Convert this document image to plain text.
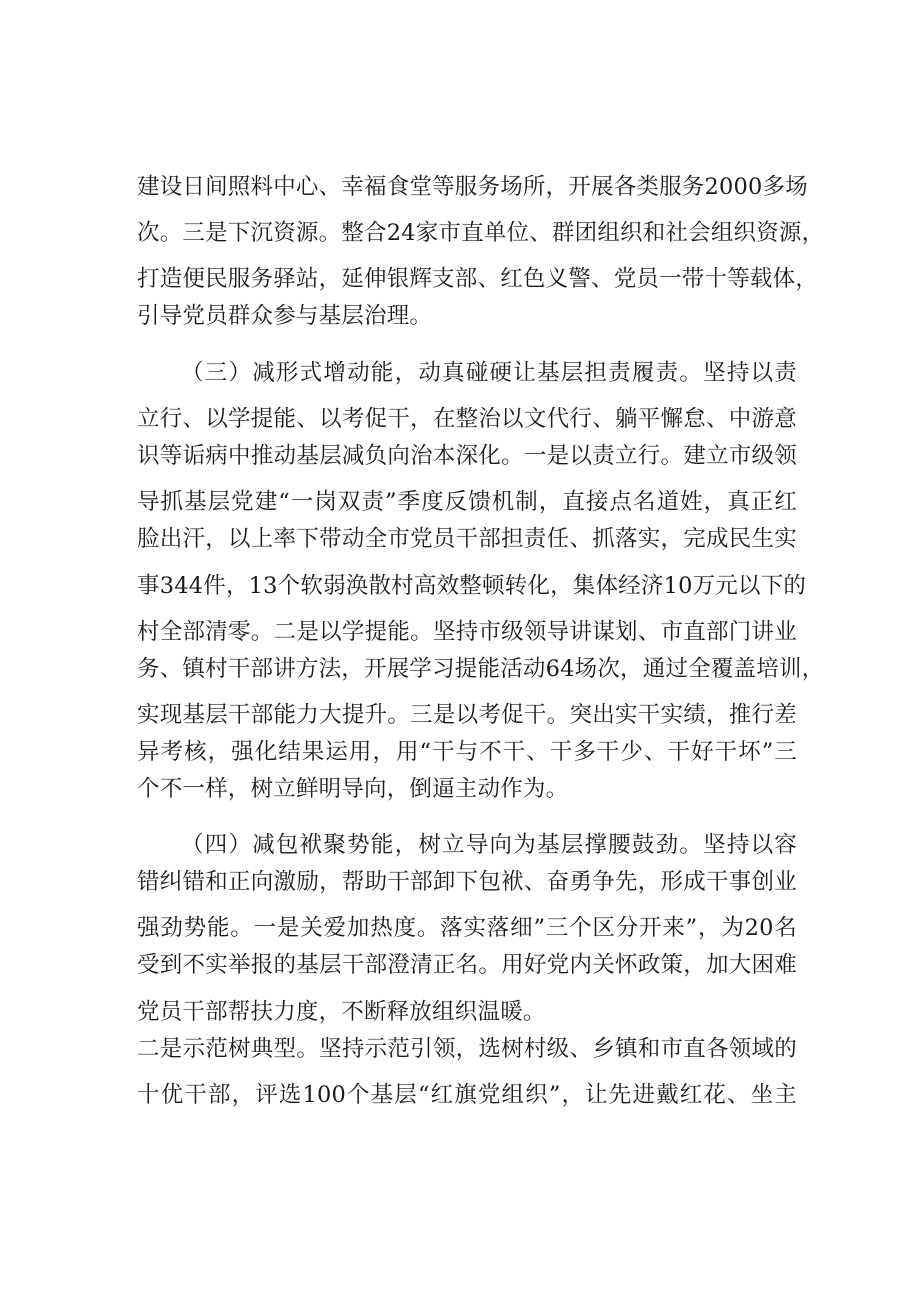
建设日间照料中心、幸福食堂等服务场所，开展各类服务2000多场
次。三是下沉资源。整合24家市直单位、群团组织和社会组织资源，
打造便民服务驿站，延伸银辉支部、红色义警、党员一带十等载体，
引导党员群众参与基层治理。
（三）减形式增动能，动真碰硬让基层担责履责。坚持以责
立行、以学提能、以考促干，在整治以文代行、躺平懈怠、中游意
识等诟病中推动基层减负向治本深化。一是以责立行。建立市级领
导抓基层党建“一岗双责”季度反馈机制，直接点名道姓，真正红
脸出汗，以上率下带动全市党员干部担责任、抓落实，完成民生实
事344件，13个软弱涣散村高效整顿转化，集体经济10万元以下的
村全部清零。二是以学提能。坚持市级领导讲谋划、市直部门讲业
务、镇村干部讲方法，开展学习提能活动64场次，通过全覆盖培训，
实现基层干部能力大提升。三是以考促干。突出实干实绩，推行差
异考核，强化结果运用，用“干与不干、干多干少、干好干坏”三
个不一样，树立鲜明导向，倒逼主动作为。
（四）减包袱聚势能，树立导向为基层撑腰鼓劲。坚持以容
错纠错和正向激励，帮助干部卸下包袱、奋勇争先，形成干事创业
强劲势能。一是关爱加热度。落实落细”三个区分开来”，为20名
受到不实举报的基层干部澄清正名。用好党内关怀政策，加大困难
党员干部帮扶力度，不断释放组织温暖。
二是示范树典型。坚持示范引领，选树村级、乡镇和市直各领域的
十优干部，评选100个基层“红旗党组织”，让先进戴红花、坐主
